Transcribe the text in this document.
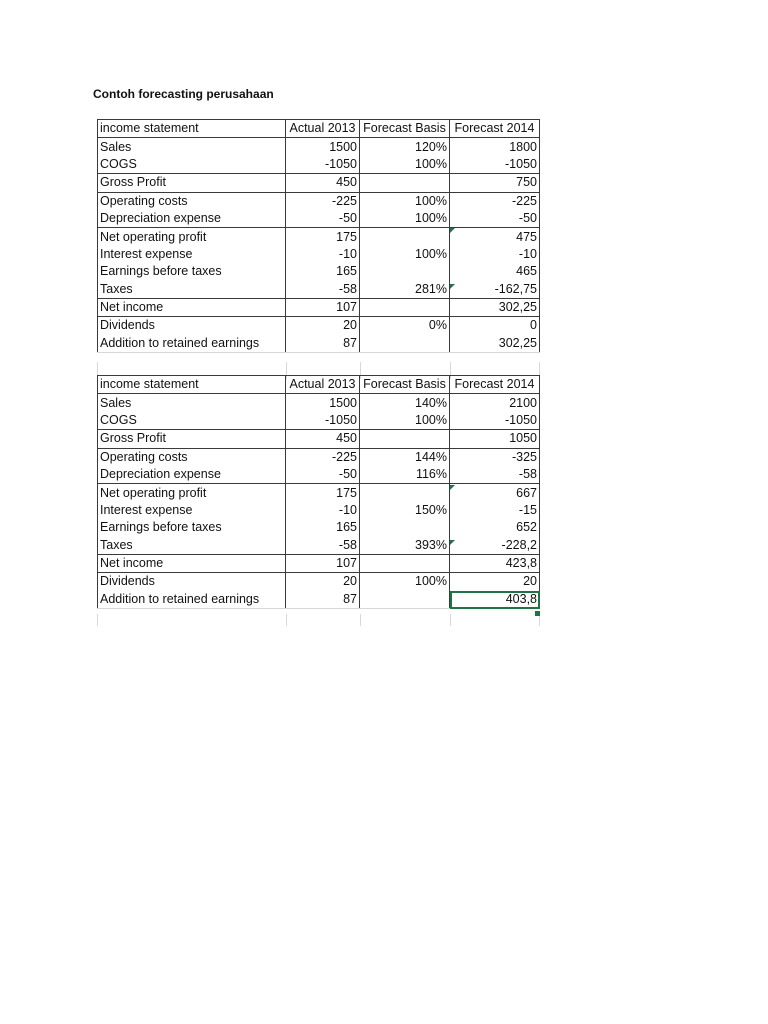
Contoh forecasting perusahaan
income statement	Actual 2013	Forecast Basis	Forecast 2014
Sales	1500	120%	1800
COGS	-1050	100%	-1050
Gross Profit	450		750
Operating costs	-225	100%	-225
Depreciation expense	-50	100%	-50
Net operating profit	175		475
Interest expense	-10	100%	-10
Earnings before taxes	165		465
Taxes	-58	281%	-162,75
Net income	107		302,25
Dividends	20	0%	0
Addition to retained earnings	87		302,25
income statement	Actual 2013	Forecast Basis	Forecast 2014
Sales	1500	140%	2100
COGS	-1050	100%	-1050
Gross Profit	450		1050
Operating costs	-225	144%	-325
Depreciation expense	-50	116%	-58
Net operating profit	175		667
Interest expense	-10	150%	-15
Earnings before taxes	165		652
Taxes	-58	393%	-228,2
Net income	107		423,8
Dividends	20	100%	20
Addition to retained earnings	87		403,8
